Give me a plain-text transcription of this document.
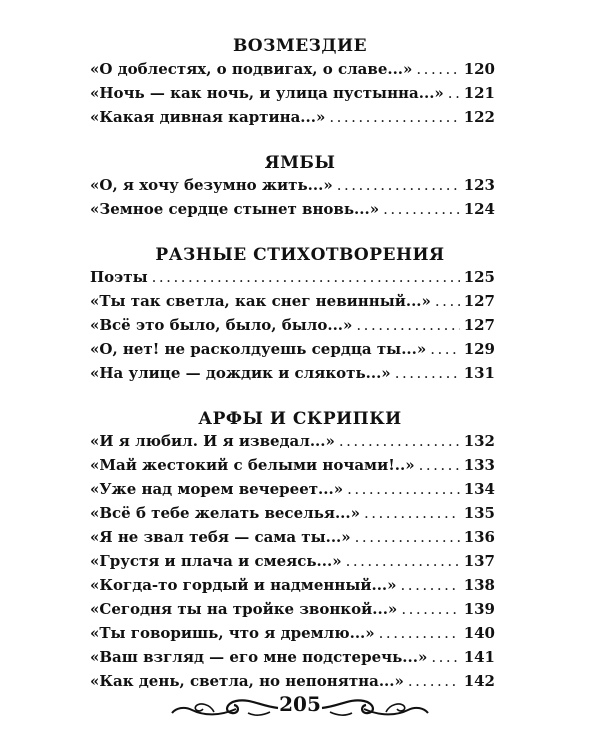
ВОЗМЕЗДИЕ
«О доблестях, о подвигах, о славе...» .....	120
«Ночь — как ночь, и улица пустынна...» ..... 121
«Какая дивная картина...» .....	122
ЯМБЫ
«О, я хочу безумно жить...» .....	123
«Земное сердце стынет вновь...» .....	124
РАЗНЫЕ СТИХОТВОРЕНИЯ
Поэты .....	125
«Ты так светла, как снег невинный...» ..... 127
«Всё это было, было, было...» .....	127
«О, нет! не расколдуешь сердца ты...» ..... 129
«На улице — дождик и слякоть...» .....	131
АРФЫ И СКРИПКИ
«И я любил. И я изведал...» .....	132
«Май жестокий с белыми ночами!..» .....	133
«Уже над морем вечереет...» .....	134
«Всё б тебе желать веселья...» .....	135
«Я не звал тебя — сама ты...» .....	136
«Грустя и плача и смеясь...» .....	137
«Когда-то гордый и надменный...» .....	138
«Сегодня ты на тройке звонкой...» .....	139
«Ты говоришь, что я дремлю...» .....	140
«Ваш взгляд — его мне подстеречь...» ..... 141
«Как день, светла, но непонятна...» .....	142
205
